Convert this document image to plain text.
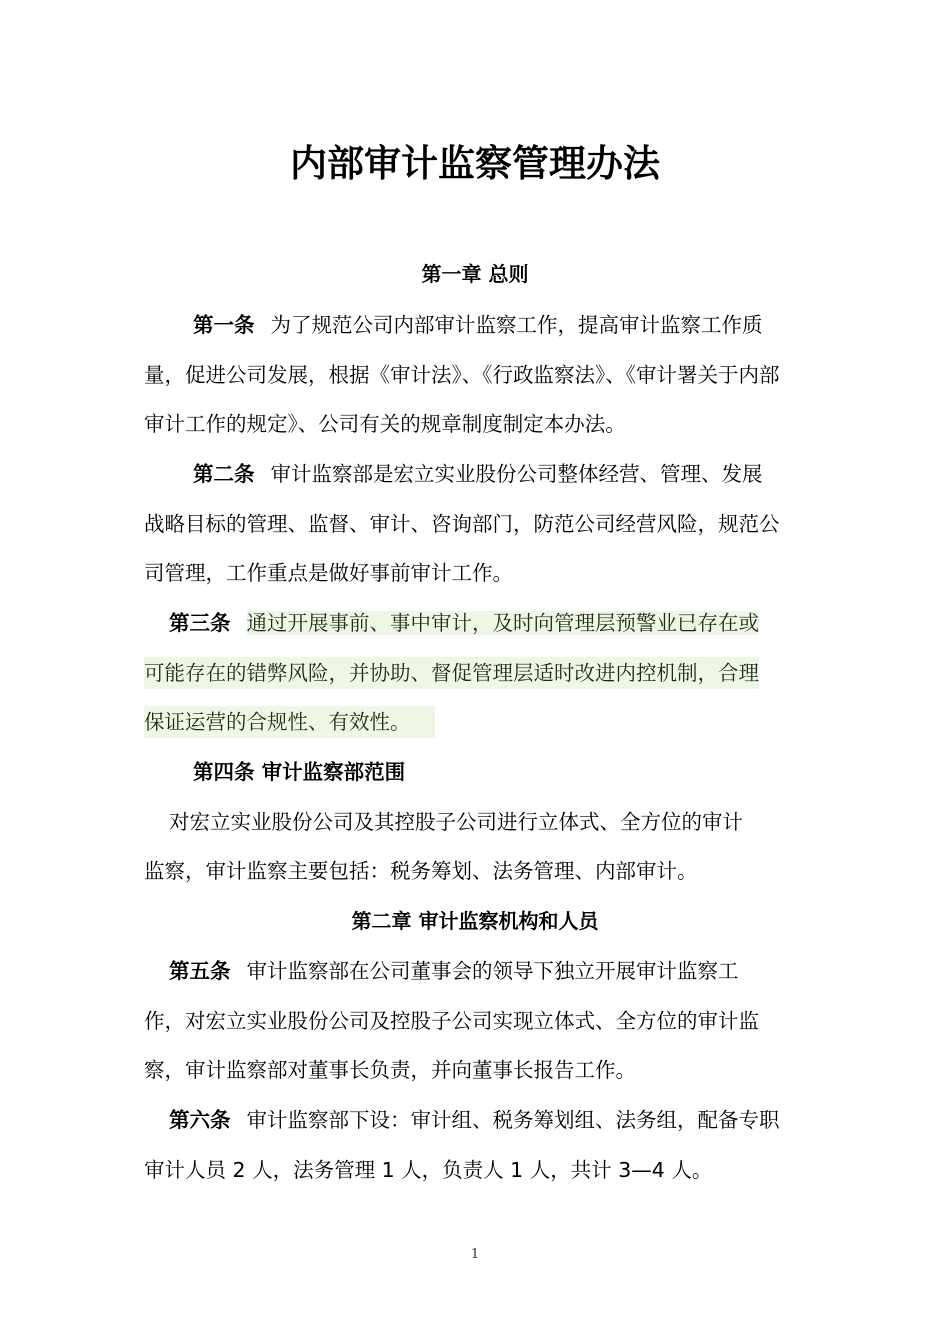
内部审计监察管理办法
第一章 总则
第一条 为了规范公司内部审计监察工作，提高审计监察工作质
量，促进公司发展，根据《审计法》、《行政监察法》、《审计署关于内部
审计工作的规定》、公司有关的规章制度制定本办法。
第二条 审计监察部是宏立实业股份公司整体经营、管理、发展
战略目标的管理、监督、审计、咨询部门，防范公司经营风险，规范公
司管理，工作重点是做好事前审计工作。
第三条 通过开展事前、事中审计，及时向管理层预警业已存在或
可能存在的错弊风险，并协助、督促管理层适时改进内控机制，合理
保证运营的合规性、有效性。
第四条 审计监察部范围
对宏立实业股份公司及其控股子公司进行立体式、全方位的审计
监察，审计监察主要包括：税务筹划、法务管理、内部审计。
第二章 审计监察机构和人员
第五条 审计监察部在公司董事会的领导下独立开展审计监察工
作，对宏立实业股份公司及控股子公司实现立体式、全方位的审计监
察，审计监察部对董事长负责，并向董事长报告工作。
第六条 审计监察部下设：审计组、税务筹划组、法务组，配备专职
审计人员 2 人，法务管理 1 人，负责人 1 人，共计 3—4 人。
1
